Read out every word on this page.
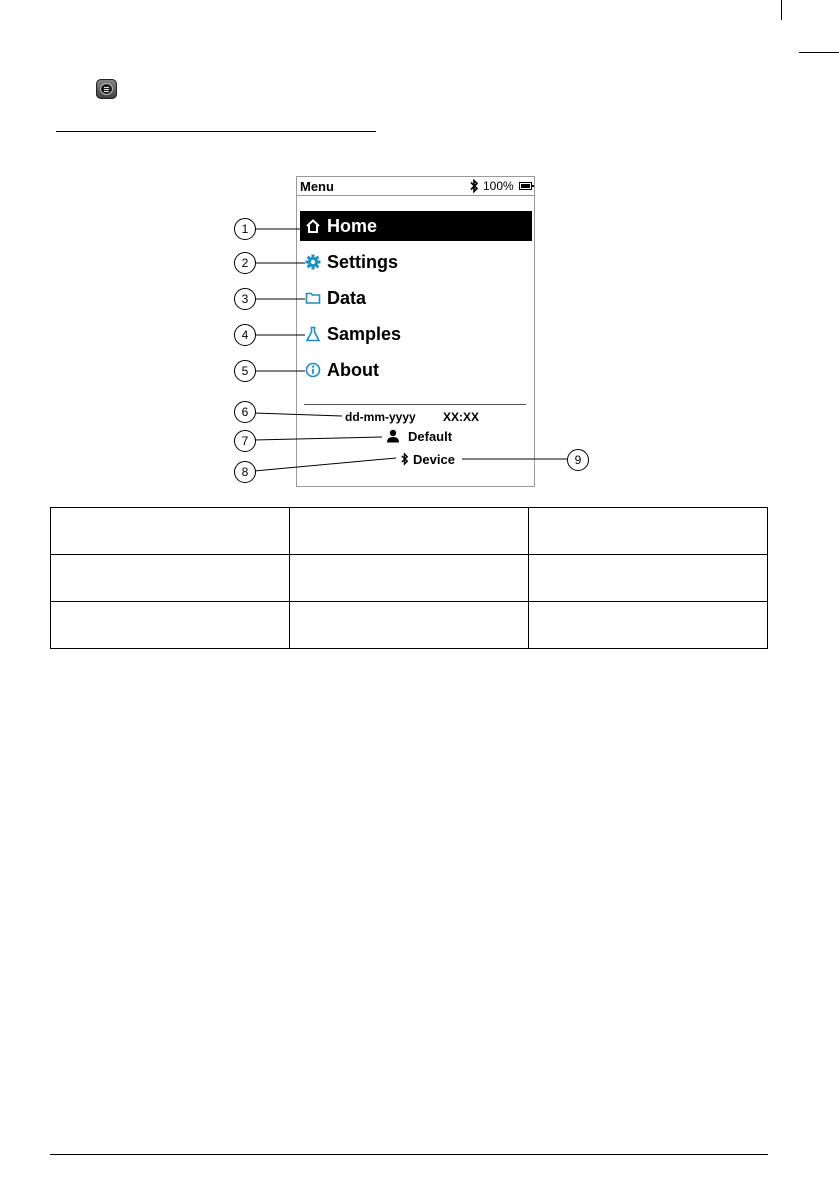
Menu	100%
Home
Settings
Data
Samples
About
dd-mm-yyyy XX:XX
Default
Device
1
2
3
4
5
6
7
8
9
